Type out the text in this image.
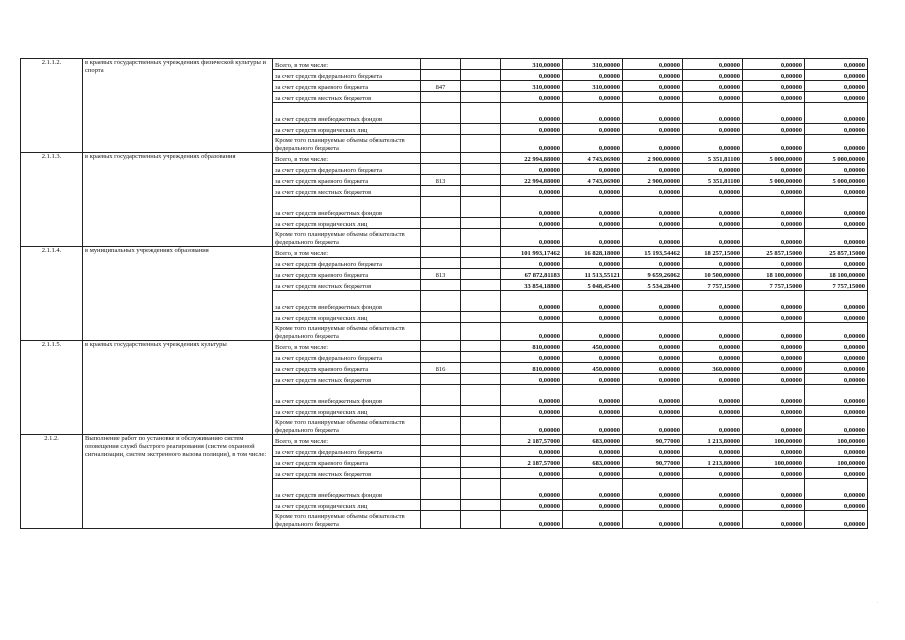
2.1.1.2.	в краевых государственных учреждениях физической культуры и спорта	Всего, в том числе:			310,00000	310,00000	0,00000	0,00000	0,00000	0,00000
		за счет средств федерального бюджета			0,00000	0,00000	0,00000	0,00000	0,00000	0,00000
		за счет средств краевого бюджета	847		310,00000	310,00000	0,00000	0,00000	0,00000	0,00000
		за счет средств местных бюджетов			0,00000	0,00000	0,00000	0,00000	0,00000	0,00000
		за счет средств внебюджетных фондов			0,00000	0,00000	0,00000	0,00000	0,00000	0,00000
		за счет средств юридических лиц			0,00000	0,00000	0,00000	0,00000	0,00000	0,00000
		Кроме того планируемые объемы обязательств федерального бюджета			0,00000	0,00000	0,00000	0,00000	0,00000	0,00000
2.1.1.3.	в краевых государственных учреждениях образования	Всего, в том числе:			22 994,88000	4 743,06900	2 900,00000	5 351,81100	5 000,00000	5 000,00000
		за счет средств федерального бюджета			0,00000	0,00000	0,00000	0,00000	0,00000	0,00000
		за счет средств краевого бюджета	813		22 994,88000	4 743,06900	2 900,00000	5 351,81100	5 000,00000	5 000,00000
		за счет средств местных бюджетов			0,00000	0,00000	0,00000	0,00000	0,00000	0,00000
		за счет средств внебюджетных фондов			0,00000	0,00000	0,00000	0,00000	0,00000	0,00000
		за счет средств юридических лиц			0,00000	0,00000	0,00000	0,00000	0,00000	0,00000
		Кроме того планируемые объемы обязательств федерального бюджета			0,00000	0,00000	0,00000	0,00000	0,00000	0,00000
2.1.1.4.	в муниципальных учреждениях образования	Всего, в том числе:			101 993,17462	16 828,18000	15 193,54462	18 257,15000	25 857,15000	25 857,15000
		за счет средств федерального бюджета			0,00000	0,00000	0,00000	0,00000	0,00000	0,00000
		за счет средств краевого бюджета	813		67 872,81183	11 513,55121	9 659,26062	10 500,00000	18 100,00000	18 100,00000
		за счет средств местных бюджетов			33 854,18800	5 048,45400	5 534,28400	7 757,15000	7 757,15000	7 757,15000
		за счет средств внебюджетных фондов			0,00000	0,00000	0,00000	0,00000	0,00000	0,00000
		за счет средств юридических лиц			0,00000	0,00000	0,00000	0,00000	0,00000	0,00000
		Кроме того планируемые объемы обязательств федерального бюджета			0,00000	0,00000	0,00000	0,00000	0,00000	0,00000
2.1.1.5.	в краевых государственных учреждениях культуры	Всего, в том числе:			810,00000	450,00000	0,00000	0,00000	0,00000	0,00000
		за счет средств федерального бюджета			0,00000	0,00000	0,00000	0,00000	0,00000	0,00000
		за счет средств краевого бюджета	816		810,00000	450,00000	0,00000	360,00000	0,00000	0,00000
		за счет средств местных бюджетов			0,00000	0,00000	0,00000	0,00000	0,00000	0,00000
		за счет средств внебюджетных фондов			0,00000	0,00000	0,00000	0,00000	0,00000	0,00000
		за счет средств юридических лиц			0,00000	0,00000	0,00000	0,00000	0,00000	0,00000
		Кроме того планируемые объемы обязательств федерального бюджета			0,00000	0,00000	0,00000	0,00000	0,00000	0,00000
2.1.2.	Выполнение работ по установке и обслуживанию систем оповещения служб быстрого реагирования (систем охранной сигнализации, систем экстренного вызова полиции), в том числе:	Всего, в том числе:			2 187,57000	683,00000	90,77000	1 213,80000	100,00000	100,00000
		за счет средств федерального бюджета			0,00000	0,00000	0,00000	0,00000	0,00000	0,00000
		за счет средств краевого бюджета			2 187,57000	683,00000	90,77000	1 213,80000	100,00000	100,00000
		за счет средств местных бюджетов			0,00000	0,00000	0,00000	0,00000	0,00000	0,00000
		за счет средств внебюджетных фондов			0,00000	0,00000	0,00000	0,00000	0,00000	0,00000
		за счет средств юридических лиц			0,00000	0,00000	0,00000	0,00000	0,00000	0,00000
		Кроме того планируемые объемы обязательств федерального бюджета			0,00000	0,00000	0,00000	0,00000	0,00000	0,00000
·
